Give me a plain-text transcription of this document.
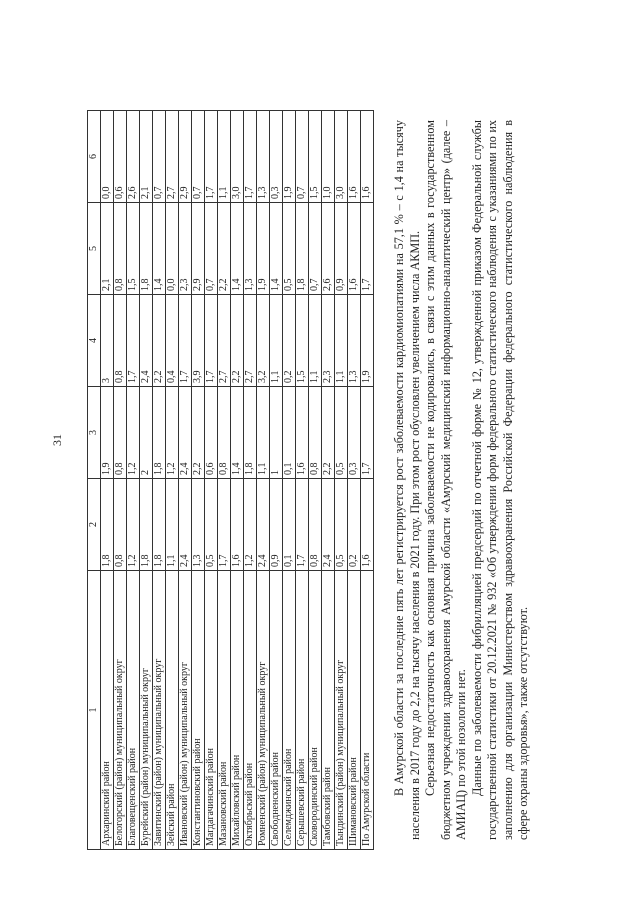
31
1	2	3	4	5	6
Архаринский район	1,8	1,9	3	2,1	0,0
Белогорский (район) муниципальный округ	0,8	0,8	0,8	0,8	0,6
Благовещенский район	1,2	1,2	1,7	1,5	2,6
Бурейский (район) муниципальный округ	1,8	2	2,4	1,8	2,1
Завитинский (район) муниципальный округ	1,8	1,8	2,2	1,4	0,7
Зейский район	1,1	1,2	0,4	0,0	2,7
Ивановский (район) муниципальный округ	2,4	2,4	1,7	2,3	2,9
Константиновский район	1,3	2,2	3,9	2,9	0,7
Магдагачинский район	0,5	0,6	1,7	0,7	1,7
Мазановский район	1,7	0,8	2,7	2,2	1,1
Михайловский район	1,6	1,4	2,2	1,4	3,0
Октябрьский район	1,2	1,8	2,7	1,3	1,7
Ромненский (район) муниципальный округ	2,4	1,1	3,2	1,9	1,3
Свободненский район	0,9	1	1,1	1,4	0,3
Селемджинский район	0,1	0,1	0,2	0,5	1,9
Серышевский район	1,7	1,6	1,5	1,8	0,7
Сковородинский район	0,8	0,8	1,1	0,7	1,5
Тамбовский район	2,4	2,2	2,3	2,6	1,0
Тындинский (район) муниципальный округ	0,5	0,5	1,1	0,9	3,0
Шимановский район	0,2	0,3	1,3	1,6	1,6
По Амурской области	1,6	1,7	1,9	1,7	1,6 В Амурской области за последние пять лет регистрируется рост заболеваемости кардиомиопатиями на 57,1 % – с 1,4 на тысячу населения в 2017 году до 2,2 на тысячу населения в 2021 году. При этом рост обусловлен увеличением числа АКМП. Серьезная недостаточность как основная причина заболеваемости не кодировались, в связи с этим данных в государственном бюджетном учреждении здравоохранения Амурской области «Амурский медицинский информационно-аналитический центр» (далее – АМИАЦ) по этой нозологии нет. Данные по заболеваемости фибрилляцией предсердий по отчетной форме № 12, утвержденной приказом Федеральной службы государственной статистики от 20.12.2021 № 932 «Об утверждении форм федерального статистического наблюдения с указаниями по их заполнению для организации Министерством здравоохранения Российской Федерации федерального статистического наблюдения в сфере охраны здоровья», также отсутствуют.
